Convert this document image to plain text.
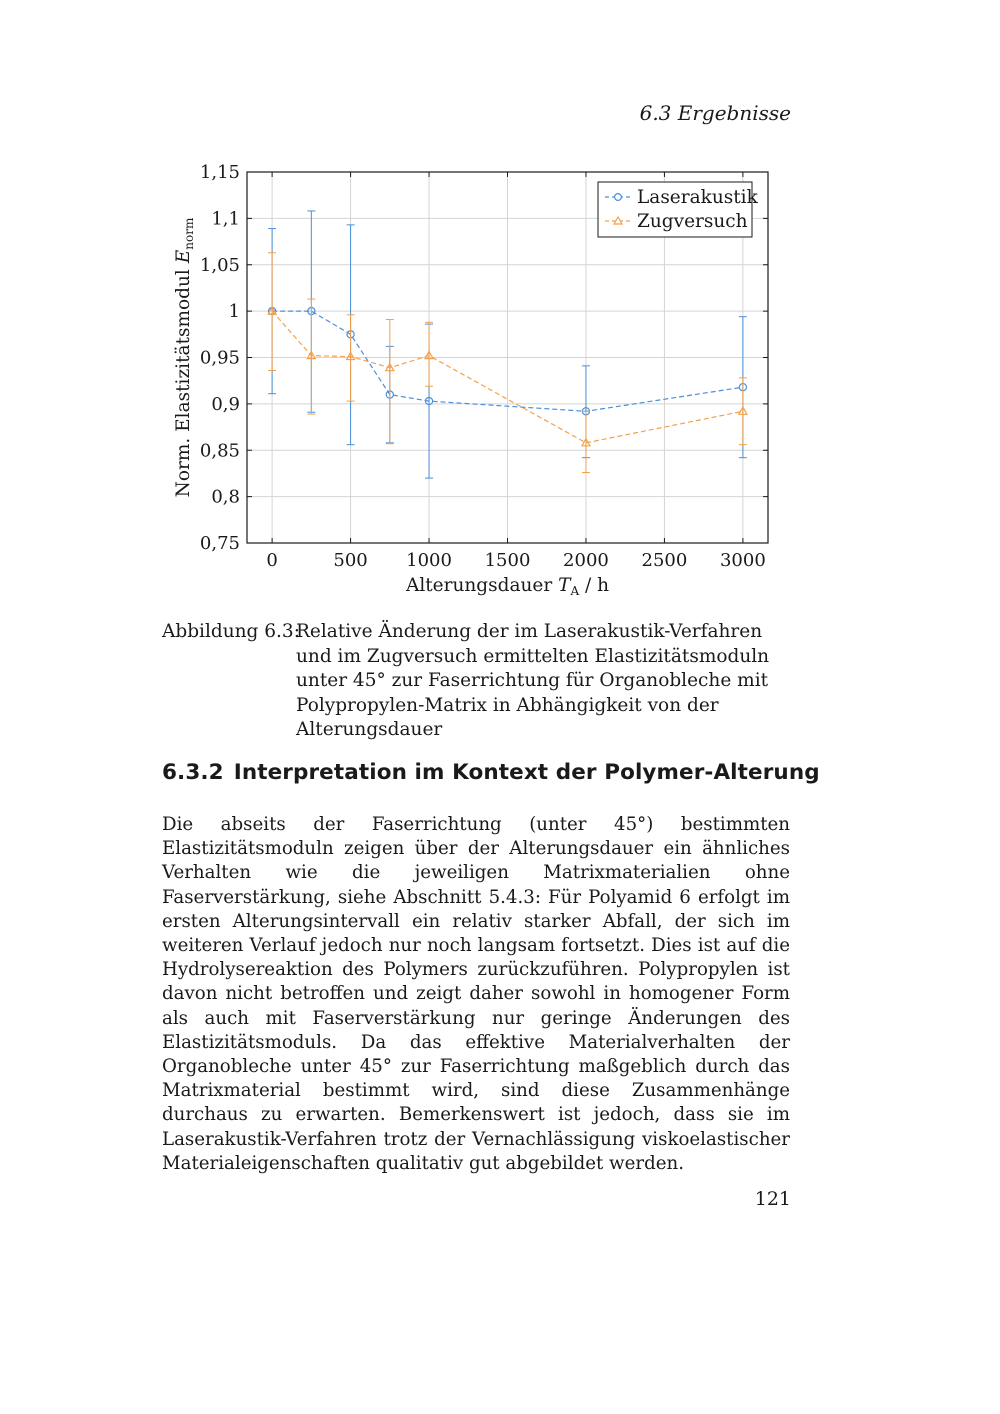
6.3 Ergebnisse
0	500 1000 1500 2000 2500 3000
0,75
0,8
0,85
0,9
0,95
1
1,05
1,1
1,15
Alterungsdauer $T_A$ / h
Norm. Elastizitätsmodul $E_{norm}$
Laserakustik
Zugversuch
Abbildung 6.3:
Relative Änderung der im Laserakustik-Verfahren und im Zugversuch ermittelten Elastizitätsmoduln unter 45° zur Faserrichtung für Organobleche mit Polypropylen-Matrix in Abhängigkeit von der Alterungsdauer
6.3.2 Interpretation im Kontext der Polymer-Alterung

Die abseits der Faserrichtung (unter 45°) bestimmten Elastizitätsmoduln zeigen über der Alterungsdauer ein ähnliches Verhalten wie die jeweiligen Matrixmaterialien ohne Faserverstärkung, siehe Abschnitt 5.4.3: Für Polyamid 6 erfolgt im ersten Alterungsintervall ein relativ starker Abfall, der sich im weiteren Verlauf jedoch nur noch langsam fortsetzt. Dies ist auf die Hydrolysereaktion des Polymers zurückzuführen. Polypropylen ist davon nicht betroffen und zeigt daher sowohl in homogener Form als auch mit Faserverstärkung nur geringe Änderungen des Elastizitätsmoduls. Da das effektive Materialverhalten der Organobleche unter 45° zur Faserrichtung maßgeblich durch das Matrixmaterial bestimmt wird, sind diese Zusammenhänge durchaus zu erwarten. Bemerkenswert ist jedoch, dass sie im Laserakustik-Verfahren trotz der Vernachlässigung viskoelastischer Materialeigenschaften qualitativ gut abgebildet werden.

121
